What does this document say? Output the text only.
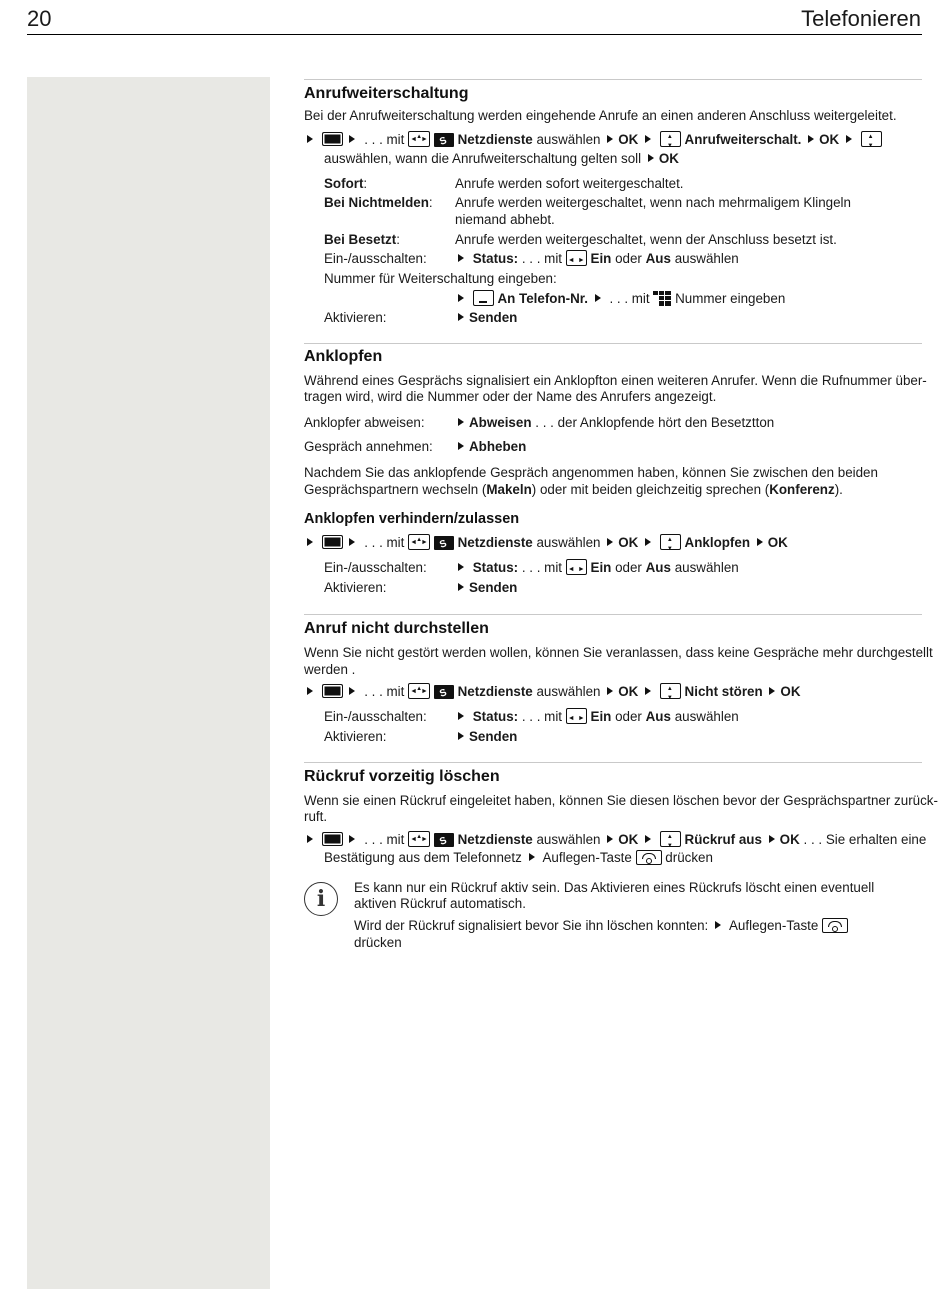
20	Telefonieren
Anrufweiterschaltung
Bei der Anrufweiterschaltung werden eingehende Anrufe an einen anderen Anschluss weitergeleitet.
. . . mit ◄► ▲ S	Netzdienste auswählen OK ▲ ▼	Anrufweiterschalt. OK  ▲ ▼
auswählen, wann die Anrufweiterschaltung gelten soll OK
Sofort:	Anrufe werden sofort weitergeschaltet.
Bei Nichtmelden: Anrufe werden weitergeschaltet, wenn nach mehrmaligem Klingeln
niemand abhebt.
Bei Besetzt:	Anrufe werden weitergeschaltet, wenn der Anschluss besetzt ist.
Ein-/ausschalten:	Status: . . . mit ◄ ► Ein oder Aus auswählen
Nummer für Weiterschaltung eingeben:
An Telefon-Nr. . . . mit Nummer eingeben
Aktivieren:	Senden
Anklopfen
Während eines Gesprächs signalisiert ein Anklopfton einen weiteren Anrufer. Wenn die Rufnummer über-
tragen wird, wird die Nummer oder der Name des Anrufers angezeigt.
Anklopfer abweisen:	Abweisen . . . der Anklopfende hört den Besetztton
Gespräch annehmen:	Abheben
Nachdem Sie das anklopfende Gespräch angenommen haben, können Sie zwischen den beiden
Gesprächspartnern wechseln (Makeln) oder mit beiden gleichzeitig sprechen (Konferenz).
Anklopfen verhindern/zulassen
. . . mit ◄► ▲ S	Netzdienste auswählen OK ▲ ▼	Anklopfen OK
Ein-/ausschalten:	Status: . . . mit ◄ ► Ein oder Aus auswählen
Aktivieren:	Senden
Anruf nicht durchstellen
Wenn Sie nicht gestört werden wollen, können Sie veranlassen, dass keine Gespräche mehr durchgestellt
werden .
. . . mit ◄► ▲ S	Netzdienste auswählen OK ▲ ▼	Nicht stören OK
Ein-/ausschalten:	Status: . . . mit ◄ ► Ein oder Aus auswählen
Aktivieren:	Senden
Rückruf vorzeitig löschen
Wenn sie einen Rückruf eingeleitet haben, können Sie diesen löschen bevor der Gesprächspartner zurück-
ruft.
. . . mit ◄► ▲ S	Netzdienste auswählen OK ▲ ▼	Rückruf aus OK . . . Sie erhalten eine
Bestätigung aus dem Telefonnetz Auflegen-Taste drücken
i	Es kann nur ein Rückruf aktiv sein. Das Aktivieren eines Rückrufs löscht einen eventuell
aktiven Rückruf automatisch.
Wird der Rückruf signalisiert bevor Sie ihn löschen konnten: Auflegen-Taste
drücken
